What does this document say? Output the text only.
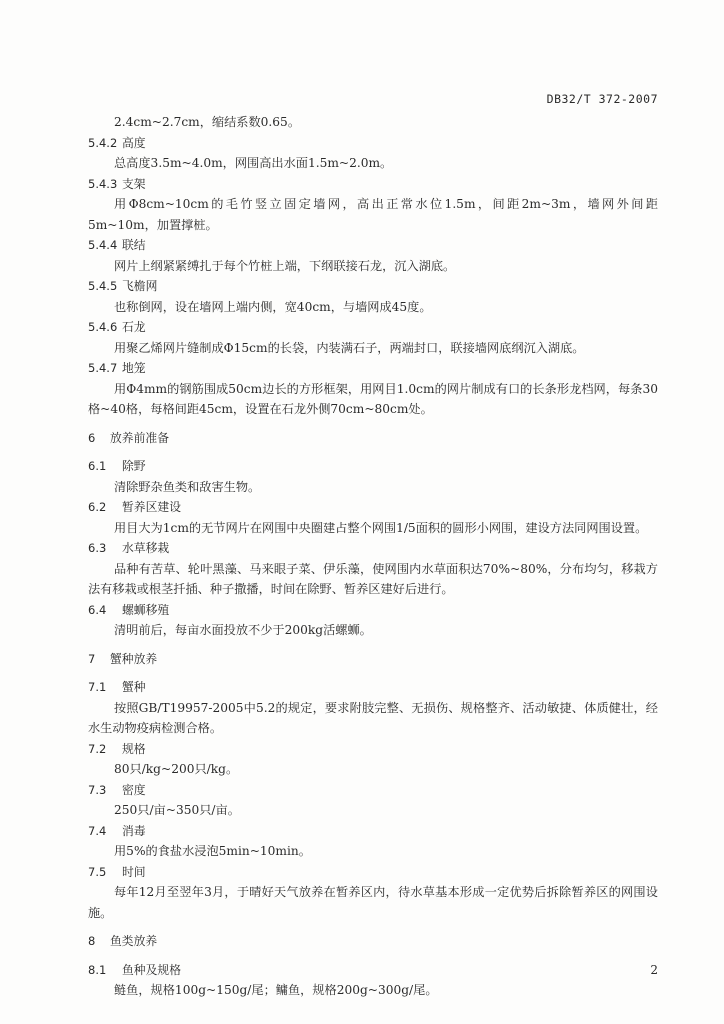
DB32/T 372-2007
2.4cm~2.7cm，缩结系数0.65。
5.4.2 高度
总高度3.5m~4.0m，网围高出水面1.5m~2.0m。
5.4.3 支架
用Φ8cm~10cm的毛竹竖立固定墙网，高出正常水位1.5m，间距2m~3m，墙网外间距5m~10m，加置撑桩。
5.4.4 联结
网片上纲紧紧缚扎于每个竹桩上端，下纲联接石龙，沉入湖底。
5.4.5 飞檐网
也称倒网，设在墙网上端内侧，宽40cm，与墙网成45度。
5.4.6 石龙
用聚乙烯网片缝制成Φ15cm的长袋，内装满石子，两端封口，联接墙网底纲沉入湖底。
5.4.7 地笼
用Φ4mm的钢筋围成50cm边长的方形框架，用网目1.0cm的网片制成有口的长条形龙档网，每条30格~40格，每格间距45cm，设置在石龙外侧70cm~80cm处。
6	放养前准备
6.1	除野
清除野杂鱼类和敌害生物。
6.2	暂养区建设
用目大为1cm的无节网片在网围中央圈建占整个网围1/5面积的圆形小网围，建设方法同网围设置。
6.3	水草移栽
品种有苦草、轮叶黑藻、马来眼子菜、伊乐藻，使网围内水草面积达70%~80%，分布均匀，移栽方法有移栽或根茎扦插、种子撒播，时间在除野、暂养区建好后进行。
6.4	螺蛳移殖
清明前后，每亩水面投放不少于200kg活螺蛳。
7	蟹种放养
7.1	蟹种
按照GB/T19957-2005中5.2的规定，要求附肢完整、无损伤、规格整齐、活动敏捷、体质健壮，经水生动物疫病检测合格。
7.2	规格
80只/kg~200只/kg。
7.3	密度
250只/亩~350只/亩。
7.4	消毒
用5%的食盐水浸泡5min~10min。
7.5	时间
每年12月至翌年3月，于晴好天气放养在暂养区内，待水草基本形成一定优势后拆除暂养区的网围设施。
8	鱼类放养
8.1	鱼种及规格
鲢鱼，规格100g~150g/尾；鳙鱼，规格200g~300g/尾。
2
